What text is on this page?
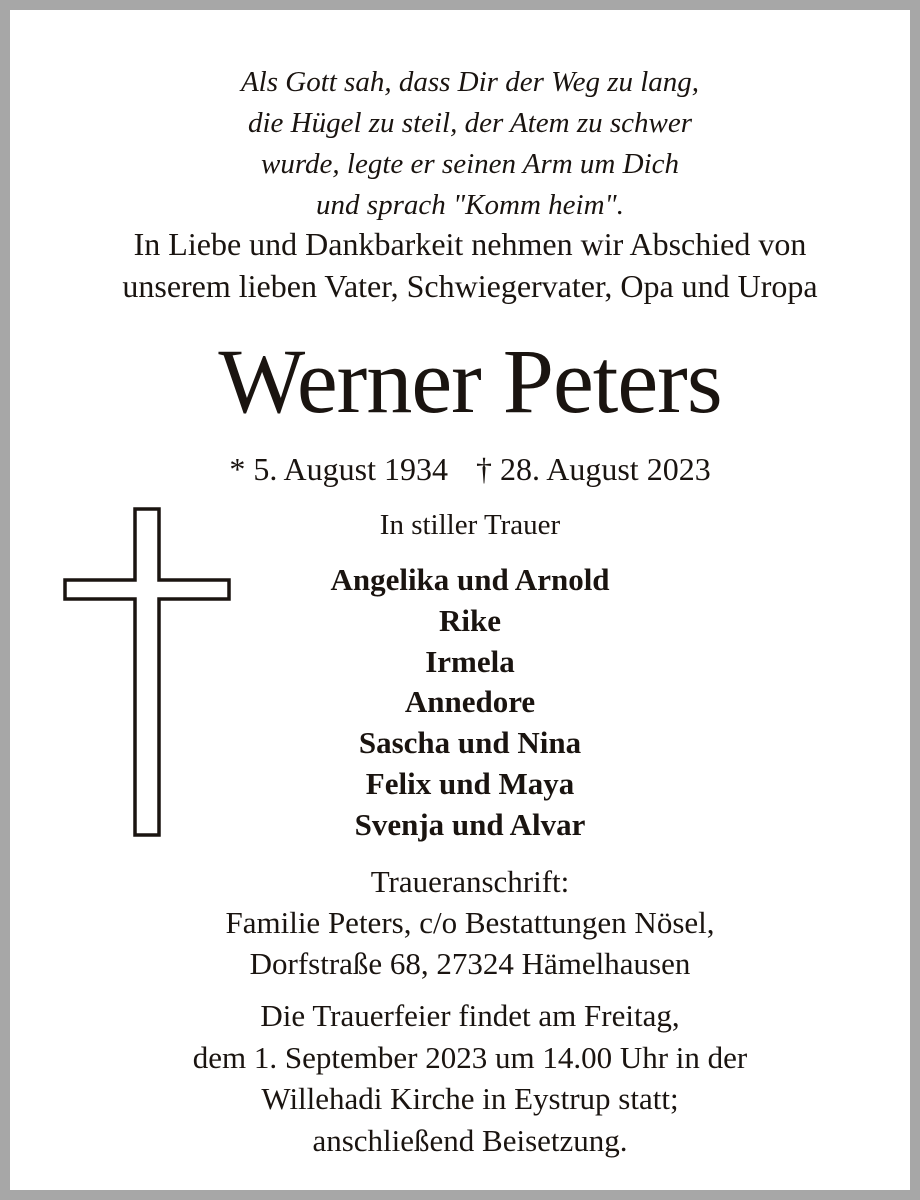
Als Gott sah, dass Dir der Weg zu lang,
die Hügel zu steil, der Atem zu schwer
wurde, legte er seinen Arm um Dich
und sprach "Komm heim".
In Liebe und Dankbarkeit nehmen wir Abschied von
unserem lieben Vater, Schwiegervater, Opa und Uropa
Werner Peters
* 5. August 1934 † 28. August 2023
In stiller Trauer
Angelika und Arnold
Rike
Irmela
Annedore
Sascha und Nina
Felix und Maya
Svenja und Alvar
Traueranschrift:
Familie Peters, c/o Bestattungen Nösel,
Dorfstraße 68, 27324 Hämelhausen
Die Trauerfeier findet am Freitag,
dem 1. September 2023 um 14.00 Uhr in der
Willehadi Kirche in Eystrup statt;
anschließend Beisetzung.
